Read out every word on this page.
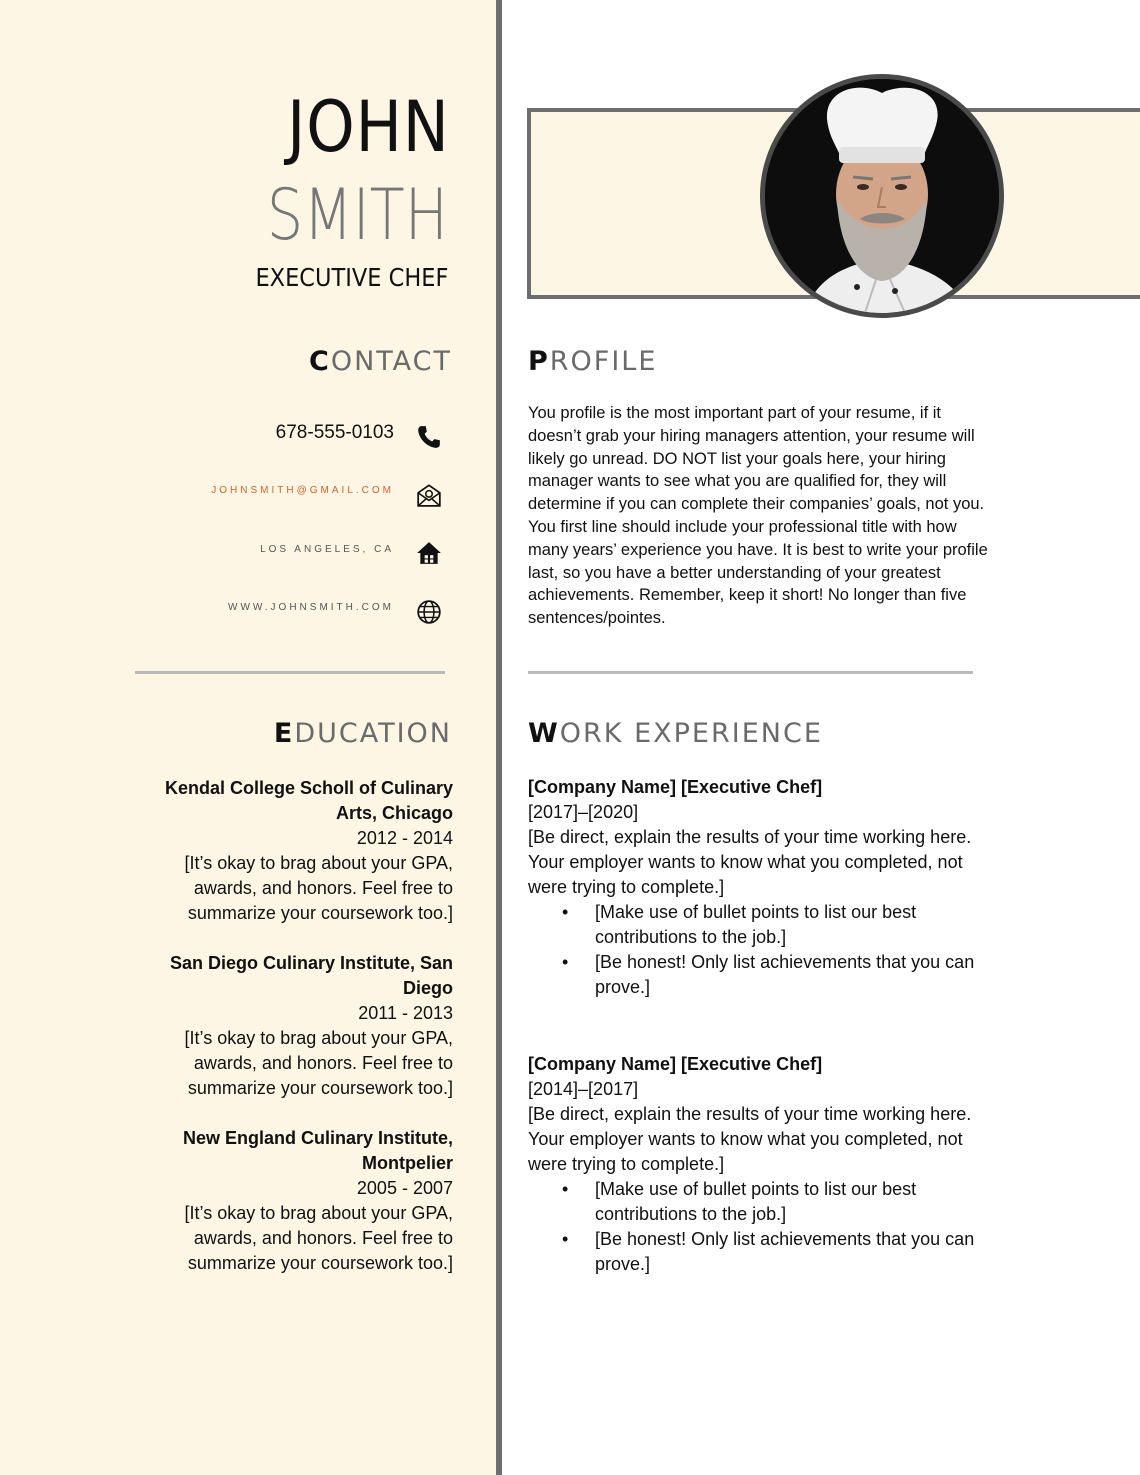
JOHN
SMITH
EXECUTIVE CHEF
CONTACT
678-555-0103
JOHNSMITH@GMAIL.COM
LOS ANGELES, CA
WWW.JOHNSMITH.COM
EDUCATION
Kendal College Scholl of Culinary Arts, Chicago
2012 - 2014
[It’s okay to brag about your GPA, awards, and honors. Feel free to summarize your coursework too.]
San Diego Culinary Institute, San Diego
2011 - 2013
[It’s okay to brag about your GPA, awards, and honors. Feel free to summarize your coursework too.]
New England Culinary Institute, Montpelier
2005 - 2007
[It’s okay to brag about your GPA, awards, and honors. Feel free to summarize your coursework too.]
PROFILE
You profile is the most important part of your resume, if it doesn’t grab your hiring managers attention, your resume will likely go unread. DO NOT list your goals here, your hiring manager wants to see what you are qualified for, they will determine if you can complete their companies’ goals, not you. You first line should include your professional title with how many years’ experience you have. It is best to write your profile last, so you have a better understanding of your greatest achievements. Remember, keep it short! No longer than five sentences/pointes.
WORK EXPERIENCE
[Company Name] [Executive Chef]
[2017]–[2020]
[Be direct, explain the results of your time working here. Your employer wants to know what you completed, not were trying to complete.]
• [Make use of bullet points to list our best contributions to the job.]
• [Be honest! Only list achievements that you can prove.]
[Company Name] [Executive Chef]
[2014]–[2017]
[Be direct, explain the results of your time working here. Your employer wants to know what you completed, not were trying to complete.]
• [Make use of bullet points to list our best contributions to the job.]
• [Be honest! Only list achievements that you can prove.]
